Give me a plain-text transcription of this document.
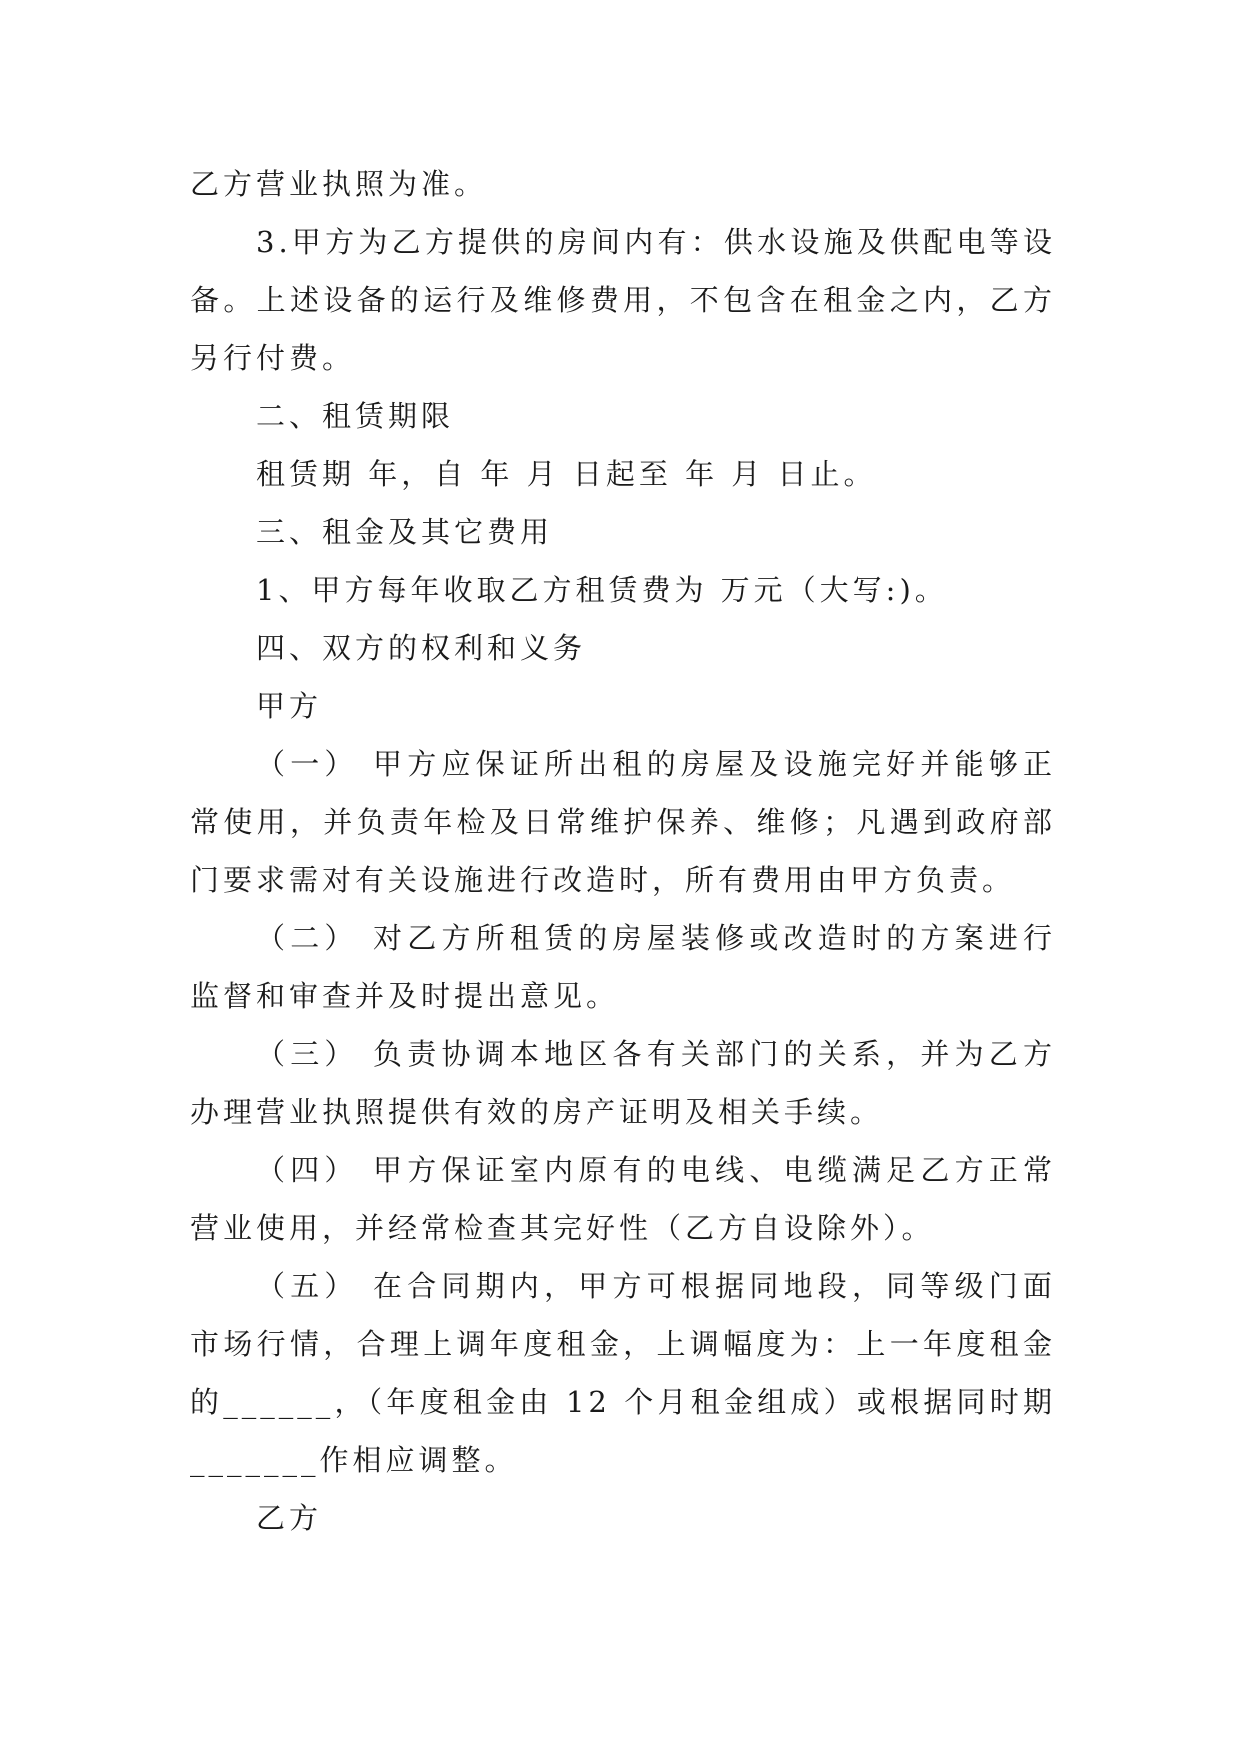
乙方营业执照为准。
3.甲方为乙方提供的房间内有：供水设施及供配电等设
备。上述设备的运行及维修费用，不包含在租金之内，乙方
另行付费。
二、租赁期限
租赁期 年，自 年 月 日起至 年 月 日止。
三、租金及其它费用
1、甲方每年收取乙方租赁费为 万元（大写:)。
四、双方的权利和义务
甲方
（一） 甲方应保证所出租的房屋及设施完好并能够正
常使用，并负责年检及日常维护保养、维修；凡遇到政府部
门要求需对有关设施进行改造时，所有费用由甲方负责。
（二） 对乙方所租赁的房屋装修或改造时的方案进行
监督和审查并及时提出意见。
（三） 负责协调本地区各有关部门的关系，并为乙方
办理营业执照提供有效的房产证明及相关手续。
（四） 甲方保证室内原有的电线、电缆满足乙方正常
营业使用，并经常检查其完好性（乙方自设除外）。
（五） 在合同期内，甲方可根据同地段，同等级门面
市场行情，合理上调年度租金，上调幅度为：上一年度租金
的______，（年度租金由 12 个月租金组成）或根据同时期
_______作相应调整。
乙方
